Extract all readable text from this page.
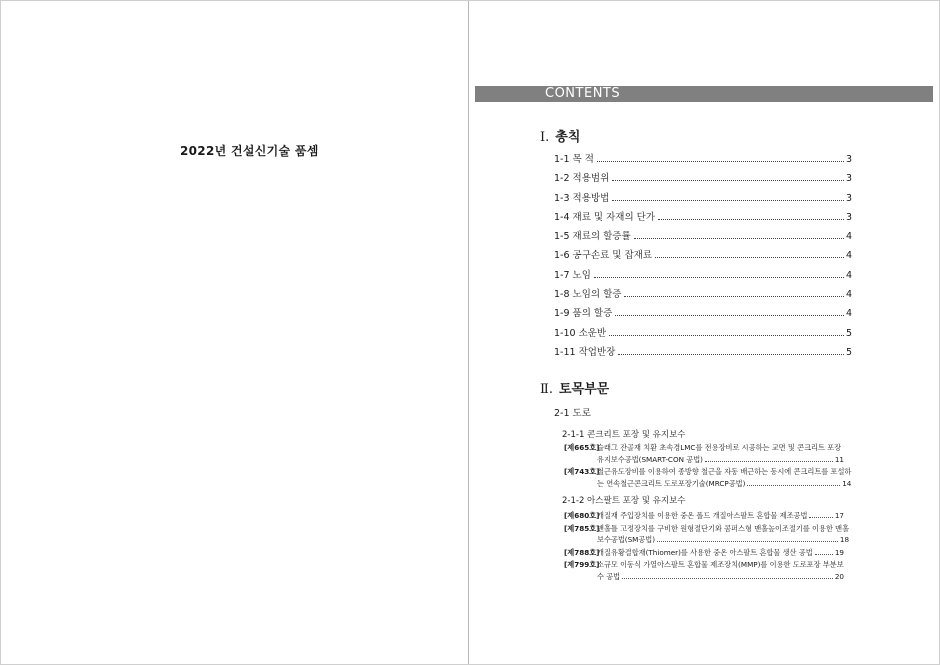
2022년 건설신기술 품셈
CONTENTS
Ⅰ. 총칙
1-1 목 적	3
1-2 적용범위	3
1-3 적용방법	3
1-4 재료 및 자재의 단가	3
1-5 재료의 할증률	4
1-6 공구손료 및 잡재료	4
1-7 노임	4
1-8 노임의 할증	4
1-9 품의 할증	4
1-10 소운반	5
1-11 작업반장	5
Ⅱ. 토목부문
2-1 도로
2-1-1 콘크리트 포장 및 유지보수
[제665호]
슬래그 잔골재 치환 초속경LMC를 전용장비로 시공하는 교면 및 콘크리트 포장
유지보수공법(SMART-CON 공법)	11
[제743호]
철근유도장비를 이용하여 종방향 철근을 자동 배근하는 동시에 콘크리트를 포설하
는 연속철근콘크리트 도로포장기술(MRCP공법)	14
2-1-2 아스팔트 포장 및 유지보수
[제680호]
개질재 주입장치를 이용한 중온 폴드 개질아스팔트 혼합물 제조공법	17
[제785호]
맨홀틀 고정장치를 구비한 원형절단기와 콤퍼스형 맨홀높이조절기를 이용한 맨홀
보수공법(SM공법)	18
[제788호]
개질유황결합재(Thiomer)를 사용한 중온 아스팔트 혼합물 생산 공법	19
[제799호]
소규모 이동식 가열아스팔트 혼합물 제조장치(MMP)를 이용한 도로포장 부분보
수 공법	20
